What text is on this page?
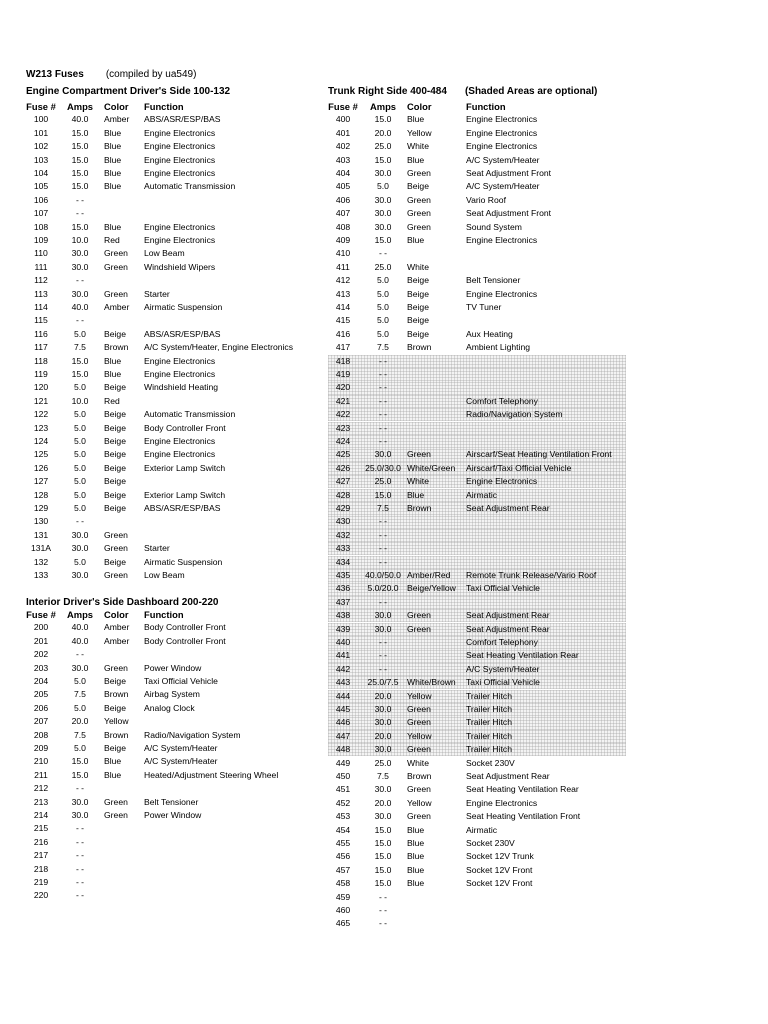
W213 Fuses (compiled by ua549)
Engine Compartment Driver's Side 100-132
Fuse #	Amps	Color Function
100	40.0	Amber ABS/ASR/ESP/BAS
101	15.0	Blue	Engine Electronics
102	15.0	Blue	Engine Electronics
103	15.0	Blue	Engine Electronics
104	15.0	Blue	Engine Electronics
105	15.0	Blue	Automatic Transmission
106	- -
107	- -
108	15.0	Blue	Engine Electronics
109	10.0	Red	Engine Electronics
110	30.0	Green Low Beam
111	30.0	Green Windshield Wipers
112	- -
113	30.0	Green Starter
114	40.0	Amber Airmatic Suspension
115	- -
116	5.0	Beige ABS/ASR/ESP/BAS
117	7.5	Brown A/C System/Heater, Engine Electronics
118	15.0	Blue	Engine Electronics
119	15.0	Blue	Engine Electronics
120	5.0	Beige Windshield Heating
121	10.0	Red
122	5.0	Beige Automatic Transmission
123	5.0	Beige Body Controller Front
124	5.0	Beige Engine Electronics
125	5.0	Beige Engine Electronics
126	5.0	Beige Exterior Lamp Switch
127	5.0	Beige
128	5.0	Beige Exterior Lamp Switch
129	5.0	Beige ABS/ASR/ESP/BAS
130	- -
131	30.0	Green
131A	30.0	Green Starter
132	5.0	Beige Airmatic Suspension
133	30.0	Green Low Beam
Interior Driver's Side Dashboard 200-220
Fuse #	Amps	Color Function
200	40.0	Amber Body Controller Front
201	40.0	Amber Body Controller Front
202	- -
203	30.0	Green Power Window
204	5.0	Beige Taxi Official Vehicle
205	7.5	Brown Airbag System
206	5.0	Beige Analog Clock
207	20.0	Yellow
208	7.5	Brown Radio/Navigation System
209	5.0	Beige A/C System/Heater
210	15.0	Blue	A/C System/Heater
211	15.0	Blue	Heated/Adjustment Steering Wheel
212	- -
213	30.0	Green Belt Tensioner
214	30.0	Green Power Window
215	- -
216	- -
217	- -
218	- -
219	- -
220	- -
Trunk Right Side 400-484 (Shaded Areas are optional)
Fuse #	Amps	Color	Function
400	15.0	Blue	Engine Electronics
401	20.0	Yellow	Engine Electronics
402	25.0	White	Engine Electronics
403	15.0	Blue	A/C System/Heater
404	30.0	Green	Seat Adjustment Front
405	5.0	Beige	A/C System/Heater
406	30.0	Green	Vario Roof
407	30.0	Green	Seat Adjustment Front
408	30.0	Green	Sound System
409	15.0	Blue	Engine Electronics
410	- -
411	25.0	White
412	5.0	Beige	Belt Tensioner
413	5.0	Beige	Engine Electronics
414	5.0	Beige	TV Tuner
415	5.0	Beige
416	5.0	Beige	Aux Heating
417	7.5	Brown	Ambient Lighting
418	- -
419	- -
420	- -
421	- -	Comfort Telephony
422	- -	Radio/Navigation System
423	- -
424	- -
425	30.0	Green	Airscarf/Seat Heating Ventilation Front
426	25.0/30.0 White/Green Airscarf/Taxi Official Vehicle
427	25.0	White	Engine Electronics
428	15.0	Blue	Airmatic
429	7.5	Brown	Seat Adjustment Rear
430	- -
432	- -
433	- -
434	- -
435	40.0/50.0 Amber/Red Remote Trunk Release/Vario Roof
436	5.0/20.0 Beige/Yellow Taxi Official Vehicle
437	- -
438	30.0	Green	Seat Adjustment Rear
439	30.0	Green	Seat Adjustment Rear
440	- -	Comfort Telephony
441	- -	Seat Heating Ventilation Rear
442	- -	A/C System/Heater
443	25.0/7.5 White/Brown Taxi Official Vehicle
444	20.0	Yellow	Trailer Hitch
445	30.0	Green	Trailer Hitch
446	30.0	Green	Trailer Hitch
447	20.0	Yellow	Trailer Hitch
448	30.0	Green	Trailer Hitch
449	25.0	White	Socket 230V
450	7.5	Brown	Seat Adjustment Rear
451	30.0	Green	Seat Heating Ventilation Rear
452	20.0	Yellow	Engine Electronics
453	30.0	Green	Seat Heating Ventilation Front
454	15.0	Blue	Airmatic
455	15.0	Blue	Socket 230V
456	15.0	Blue	Socket 12V Trunk
457	15.0	Blue	Socket 12V Front
458	15.0	Blue	Socket 12V Front
459	- -
460	- -
465	- -
